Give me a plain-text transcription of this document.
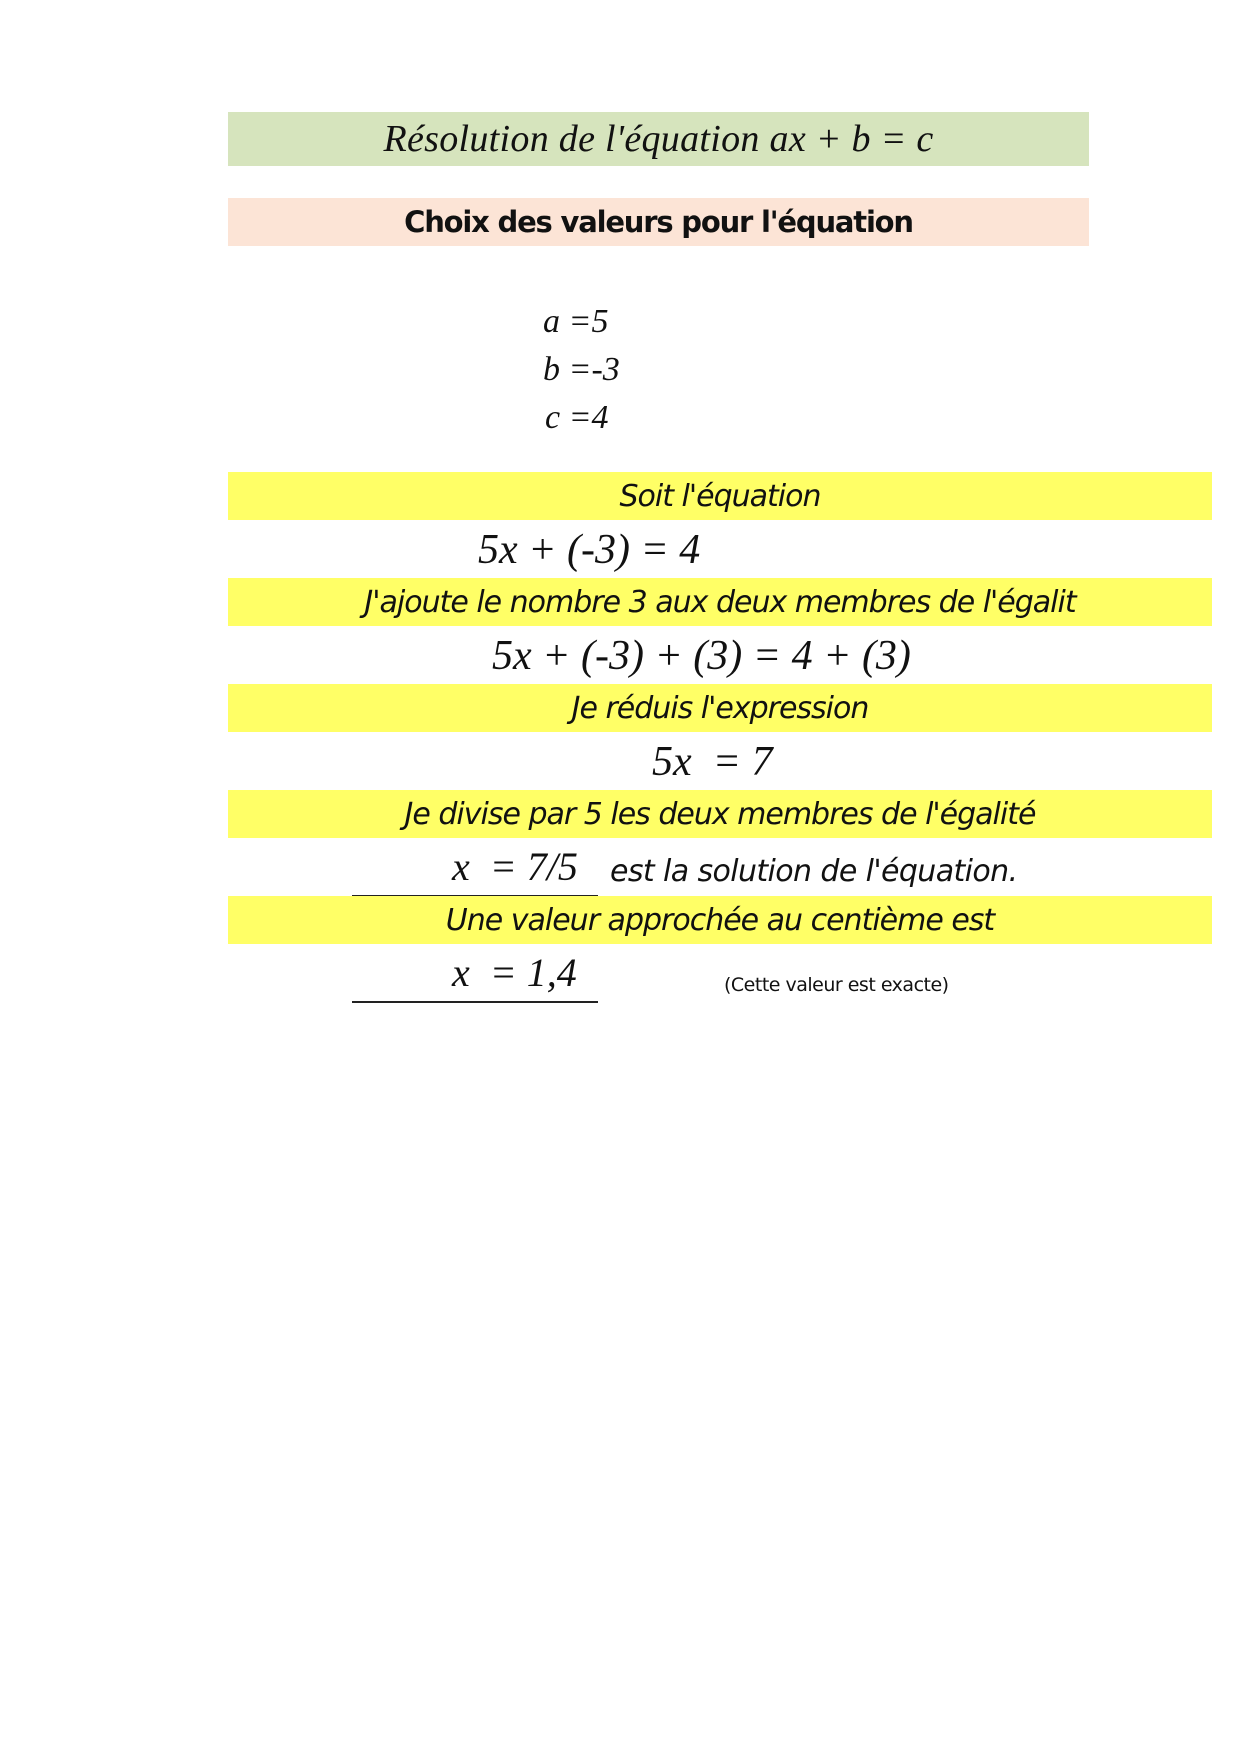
Résolution de l'équation ax + b = c
Choix des valeurs pour l'équation
a =5
b =-3
c =4
Soit l'équation
5x + (-3) = 4
J'ajoute le nombre 3 aux deux membres de l'égalit
5x + (-3) + (3) = 4 + (3)
Je réduis l'expression
5x  = 7
Je divise par 5 les deux membres de l'égalité
x  = 7/5 est la solution de l'équation.
Une valeur approchée au centième est
x  = 1,4	(Cette valeur est exacte)
